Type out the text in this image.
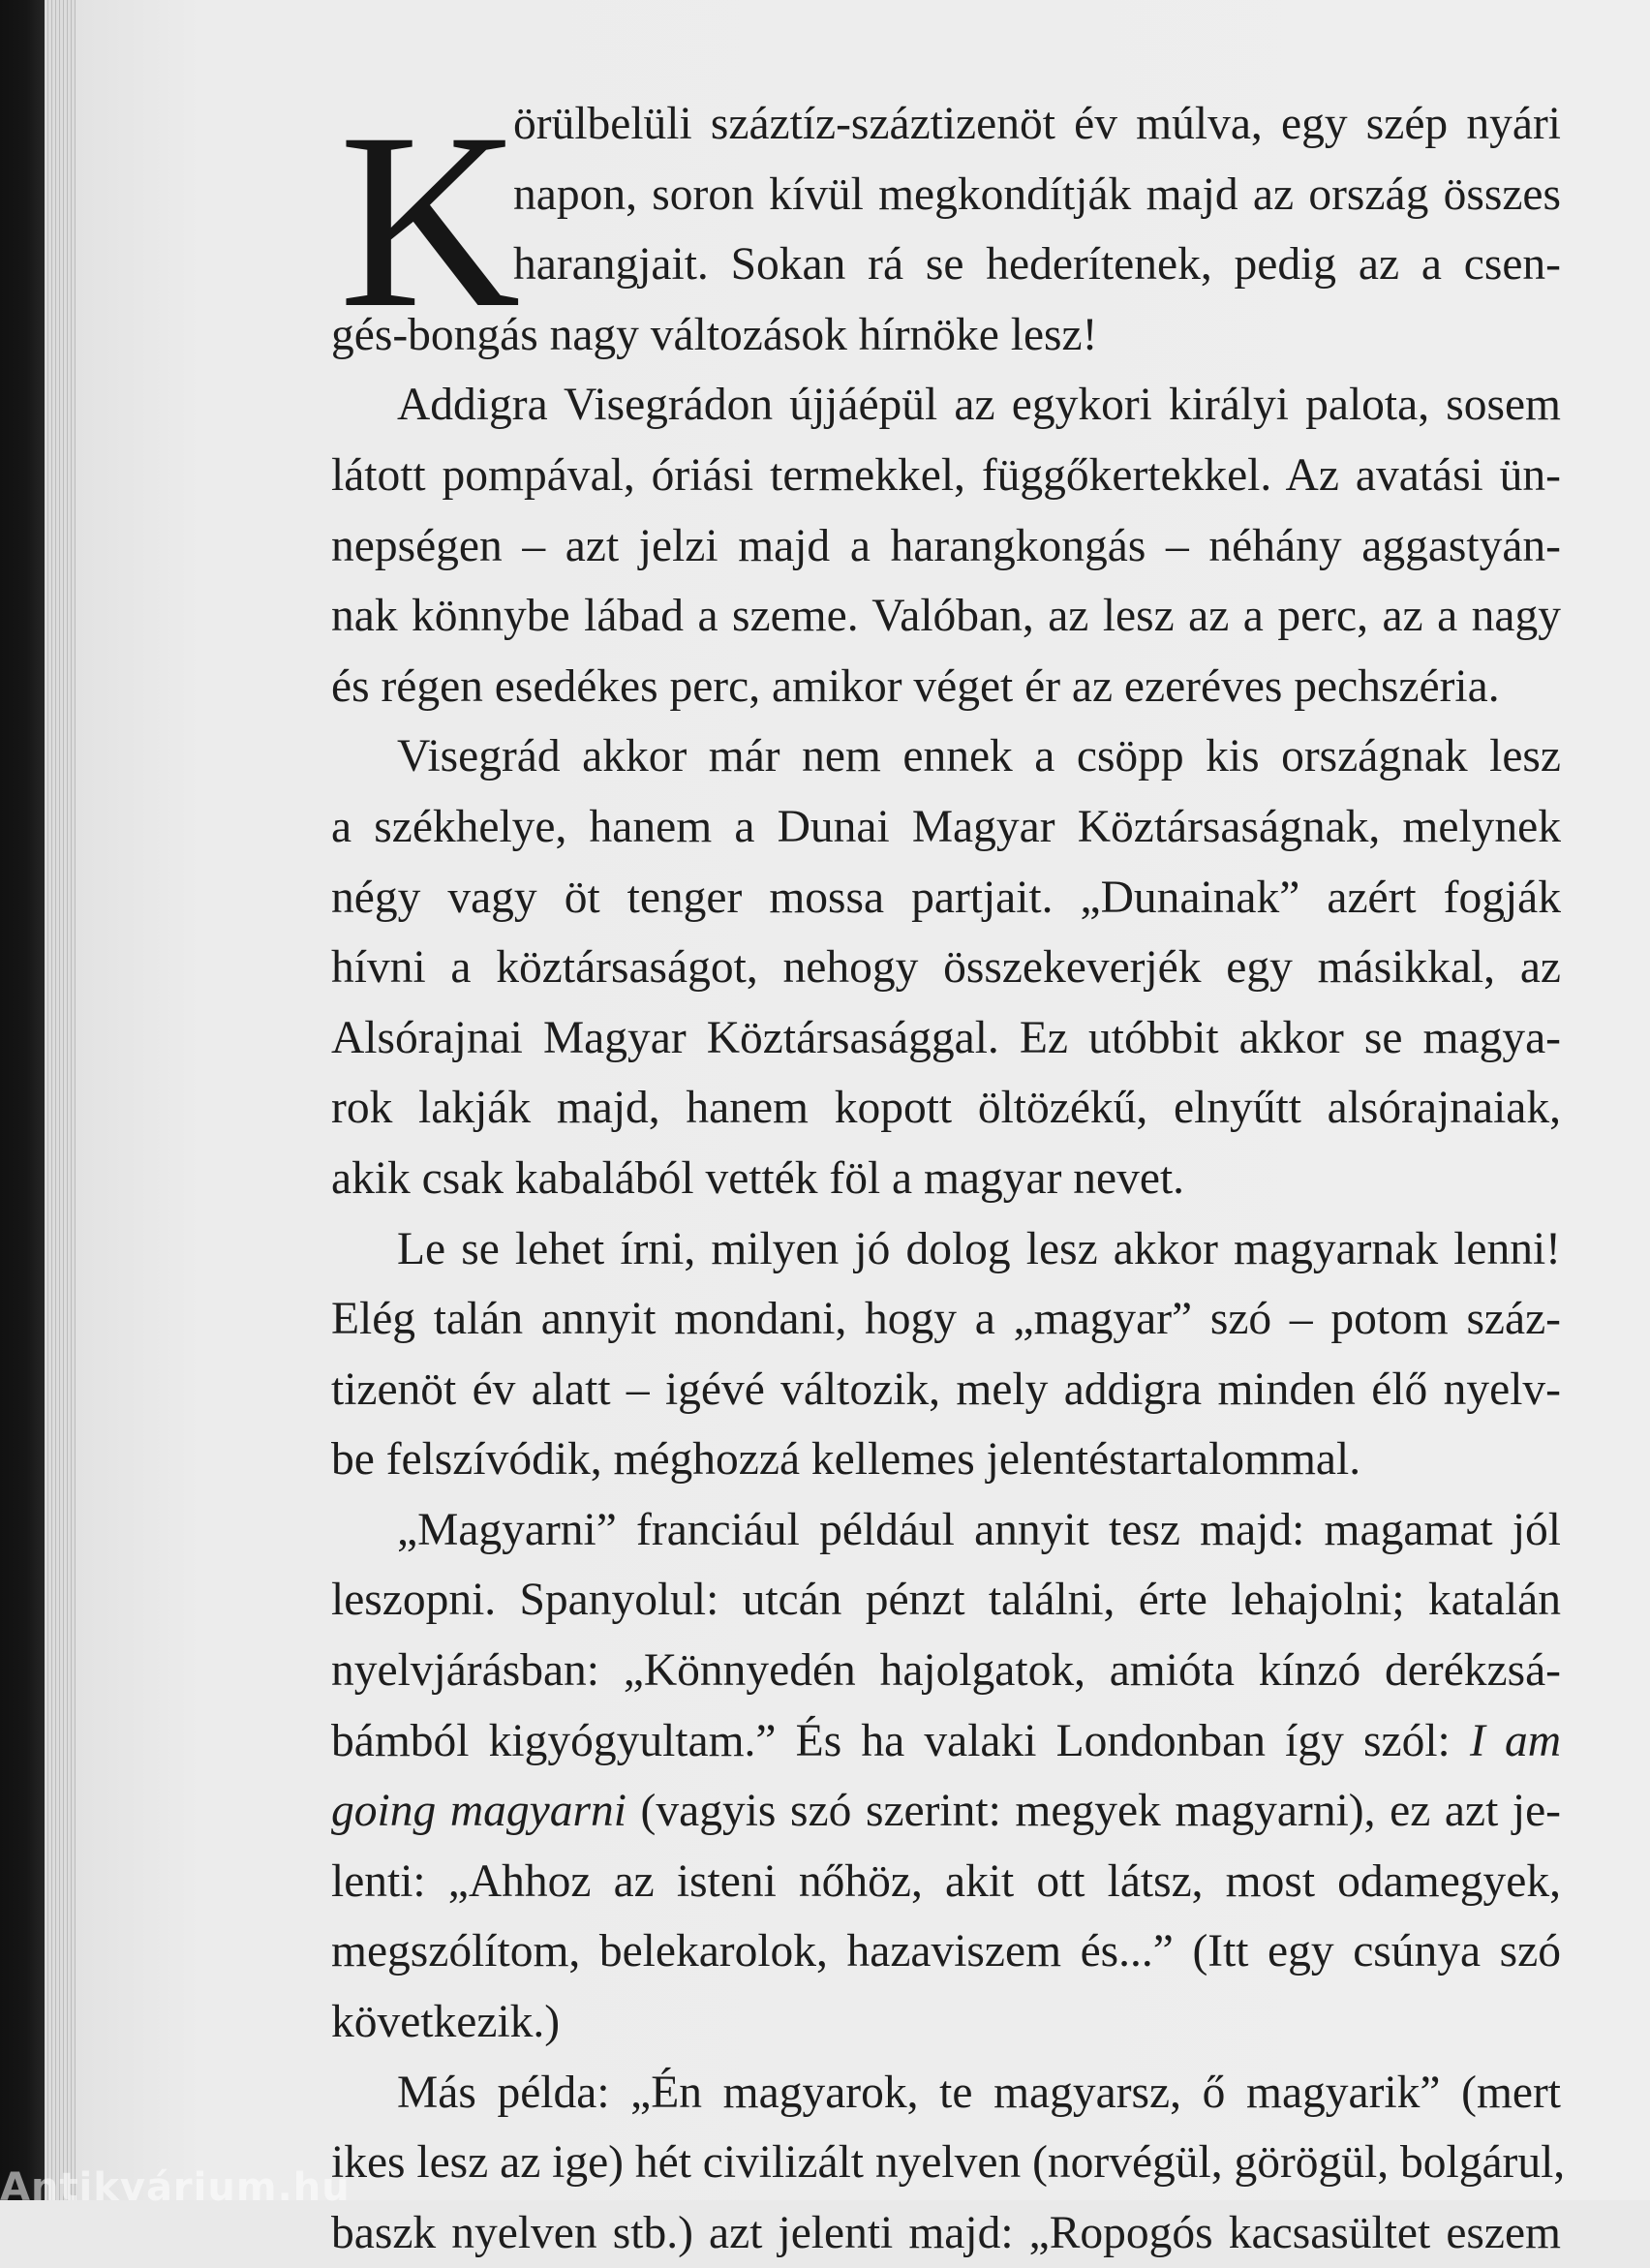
K

örülbelüli száztíz-száztizenöt év múlva, egy szép nyári
napon, soron kívül megkondítják majd az ország összes
harangjait. Sokan rá se hederítenek, pedig az a csen-
gés-bongás nagy változások hírnöke lesz!

Addigra Visegrádon újjáépül az egykori királyi palota, sosem
látott pompával, óriási termekkel, függőkertekkel. Az avatási ün-
nepségen – azt jelzi majd a harangkongás – néhány aggastyán-
nak könnybe lábad a szeme. Valóban, az lesz az a perc, az a nagy
és régen esedékes perc, amikor véget ér az ezeréves pechszéria.

Visegrád akkor már nem ennek a csöpp kis országnak lesz
a székhelye, hanem a Dunai Magyar Köztársaságnak, melynek
négy vagy öt tenger mossa partjait. „Dunainak” azért fogják
hívni a köztársaságot, nehogy összekeverjék egy másikkal, az
Alsórajnai Magyar Köztársasággal. Ez utóbbit akkor se magya-
rok lakják majd, hanem kopott öltözékű, elnyűtt alsórajnaiak,
akik csak kabalából vették föl a magyar nevet.

Le se lehet írni, milyen jó dolog lesz akkor magyarnak lenni!
Elég talán annyit mondani, hogy a „magyar” szó – potom száz-
tizenöt év alatt – igévé változik, mely addigra minden élő nyelv-
be felszívódik, méghozzá kellemes jelentéstartalommal.

„Magyarni” franciául például annyit tesz majd: magamat jól
leszopni. Spanyolul: utcán pénzt találni, érte lehajolni; katalán
nyelvjárásban: „Könnyedén hajolgatok, amióta kínzó derékzsá-
bámból kigyógyultam.” És ha valaki Londonban így szól: I am
going magyarni (vagyis szó szerint: megyek magyarni), ez azt je-
lenti: „Ahhoz az isteni nőhöz, akit ott látsz, most odamegyek,
megszólítom, belekarolok, hazaviszem és...” (Itt egy csúnya szó
következik.)

Más példa: „Én magyarok, te magyarsz, ő magyarik” (mert
ikes lesz az ige) hét civilizált nyelven (norvégül, görögül, bolgárul,
baszk nyelven stb.) azt jelenti majd: „Ropogós kacsasültet eszem

Antikvárium.hu
